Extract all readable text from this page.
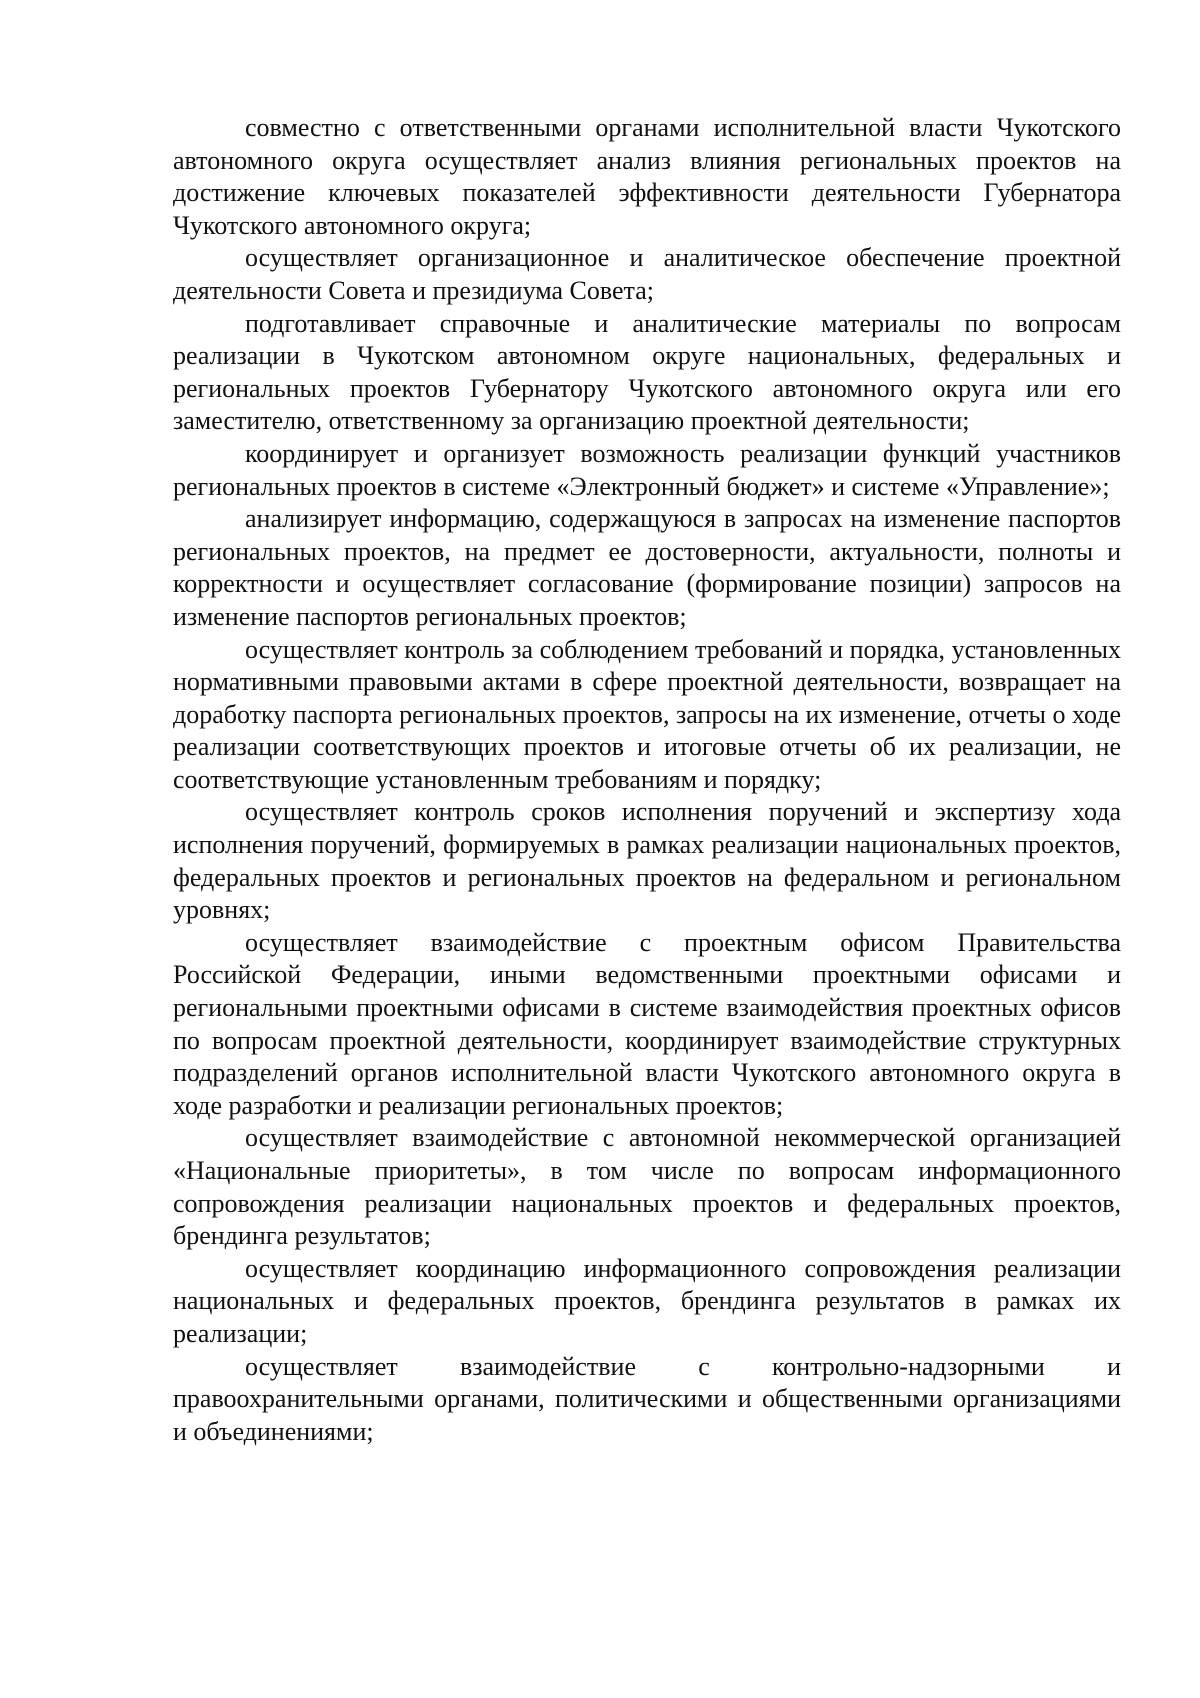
совместно с ответственными органами исполнительной власти Чукотского автономного округа осуществляет анализ влияния региональных проектов на достижение ключевых показателей эффективности деятельности Губернатора Чукотского автономного округа;

осуществляет организационное и аналитическое обеспечение проектной деятельности Совета и президиума Совета;

подготавливает справочные и аналитические материалы по вопросам реализации в Чукотском автономном округе национальных, федеральных и региональных проектов Губернатору Чукотского автономного округа или его заместителю, ответственному за организацию проектной деятельности;

координирует и организует возможность реализации функций участников региональных проектов в системе «Электронный бюджет» и системе «Управление»;

анализирует информацию, содержащуюся в запросах на изменение паспортов региональных проектов, на предмет ее достоверности, актуальности, полноты и корректности и осуществляет согласование (формирование позиции) запросов на изменение паспортов региональных проектов;

осуществляет контроль за соблюдением требований и порядка, установленных нормативными правовыми актами в сфере проектной деятельности, возвращает на доработку паспорта региональных проектов, запросы на их изменение, отчеты о ходе реализации соответствующих проектов и итоговые отчеты об их реализации, не соответствующие установленным требованиям и порядку;

осуществляет контроль сроков исполнения поручений и экспертизу хода исполнения поручений, формируемых в рамках реализации национальных проектов, федеральных проектов и региональных проектов на федеральном и региональном уровнях;

осуществляет взаимодействие с проектным офисом Правительства Российской Федерации, иными ведомственными проектными офисами и региональными проектными офисами в системе взаимодействия проектных офисов по вопросам проектной деятельности, координирует взаимодействие структурных подразделений органов исполнительной власти Чукотского автономного округа в ходе разработки и реализации региональных проектов;

осуществляет взаимодействие с автономной некоммерческой организацией «Национальные приоритеты», в том числе по вопросам информационного сопровождения реализации национальных проектов и федеральных проектов, брендинга результатов;

осуществляет координацию информационного сопровождения реализации национальных и федеральных проектов, брендинга результатов в рамках их реализации;

осуществляет взаимодействие с контрольно-надзорными и правоохранительными органами, политическими и общественными организациями и объединениями;
